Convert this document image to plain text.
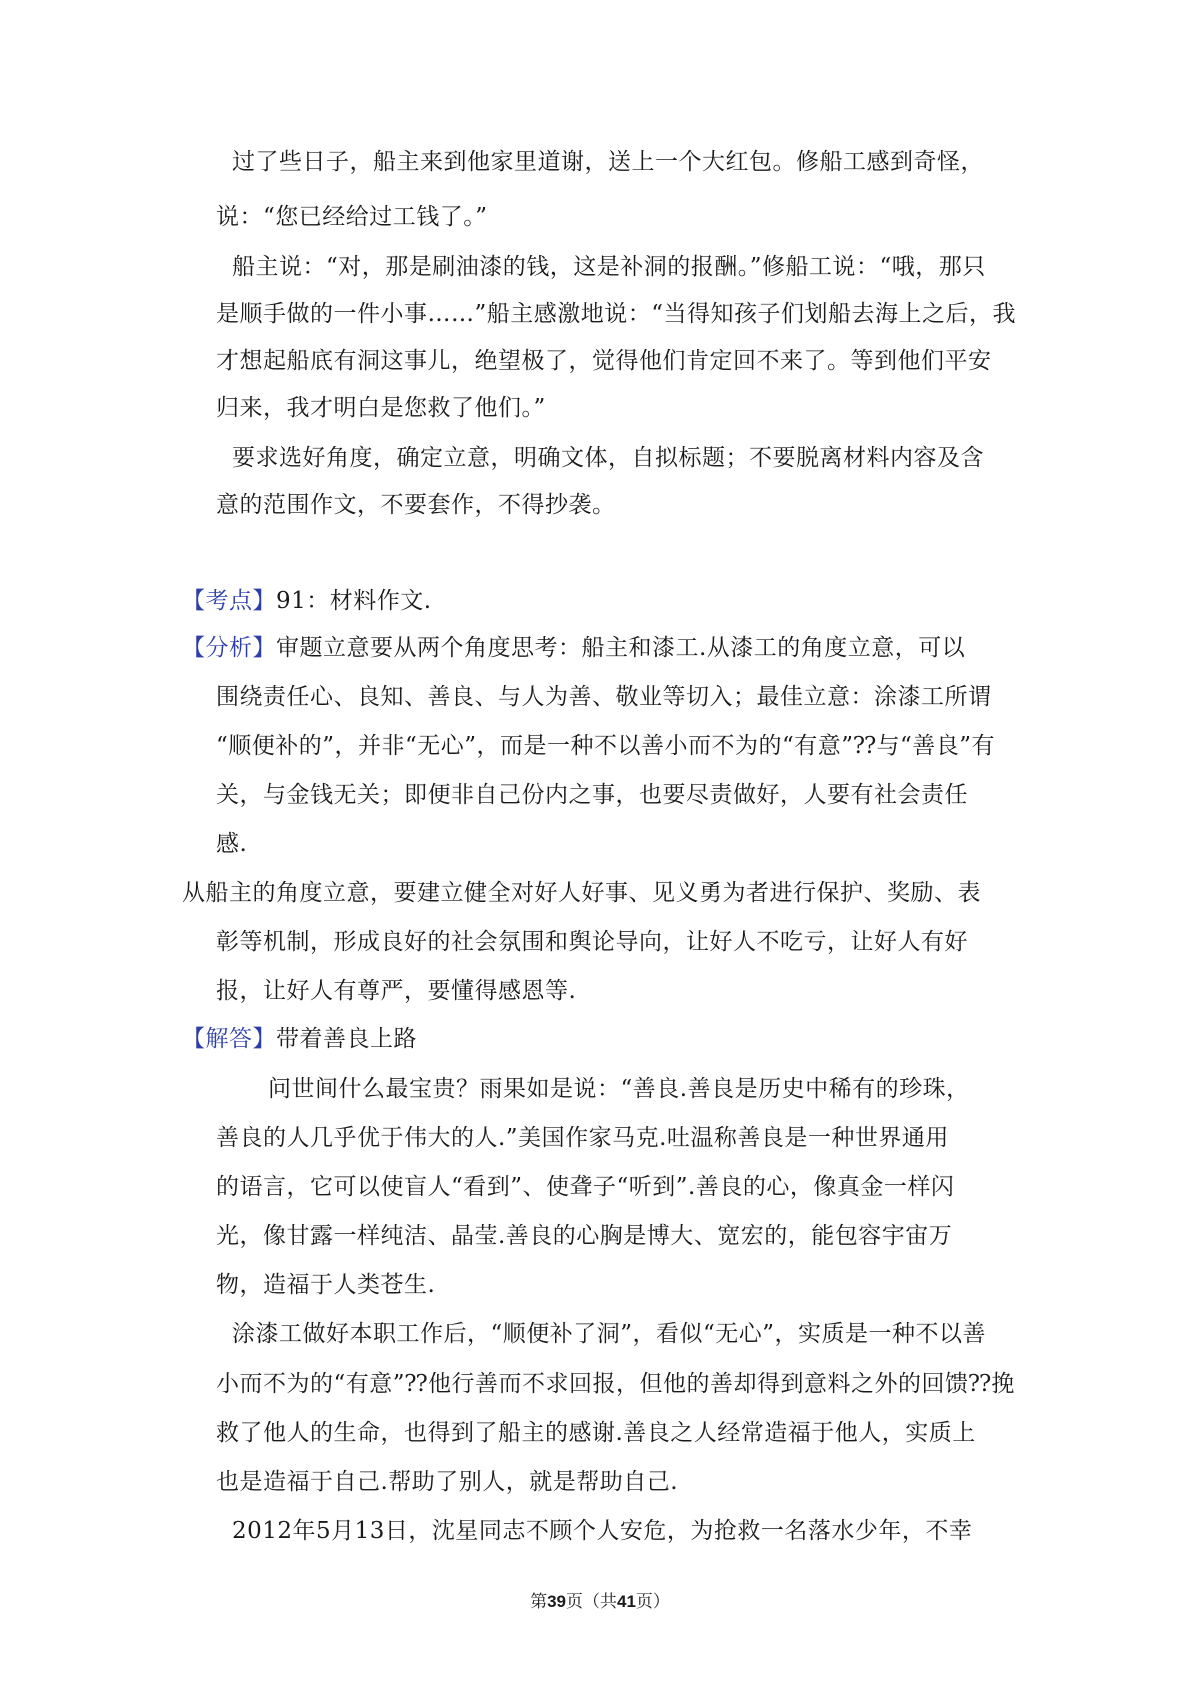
过了些日子，船主来到他家里道谢，送上一个大红包。修船工感到奇怪，
说：“您已经给过工钱了。”
船主说：“对，那是刷油漆的钱，这是补洞的报酬。”修船工说：“哦，那只
是顺手做的一件小事……”船主感激地说：“当得知孩子们划船去海上之后，我
才想起船底有洞这事儿，绝望极了，觉得他们肯定回不来了。等到他们平安
归来，我才明白是您救了他们。”
要求选好角度，确定立意，明确文体，自拟标题；不要脱离材料内容及含
意的范围作文，不要套作，不得抄袭。
【考点】91：材料作文.
【分析】审题立意要从两个角度思考：船主和漆工.从漆工的角度立意，可以
围绕责任心、良知、善良、与人为善、敬业等切入；最佳立意：涂漆工所谓
“顺便补的”，并非“无心”，而是一种不以善小而不为的“有意”⁇与“善良”有
关，与金钱无关；即便非自己份内之事，也要尽责做好，人要有社会责任
感.
从船主的角度立意，要建立健全对好人好事、见义勇为者进行保护、奖励、表
彰等机制，形成良好的社会氛围和舆论导向，让好人不吃亏，让好人有好
报，让好人有尊严，要懂得感恩等.
【解答】带着善良上路
问世间什么最宝贵？雨果如是说：“善良.善良是历史中稀有的珍珠，
善良的人几乎优于伟大的人.”美国作家马克.吐温称善良是一种世界通用
的语言，它可以使盲人“看到”、使聋子“听到”.善良的心，像真金一样闪
光，像甘露一样纯洁、晶莹.善良的心胸是博大、宽宏的，能包容宇宙万
物，造福于人类苍生.
涂漆工做好本职工作后，“顺便补了洞”，看似“无心”，实质是一种不以善
小而不为的“有意”⁇他行善而不求回报，但他的善却得到意料之外的回馈⁇挽
救了他人的生命，也得到了船主的感谢.善良之人经常造福于他人，实质上
也是造福于自己.帮助了别人，就是帮助自己.
2012年5月13日，沈星同志不顾个人安危，为抢救一名落水少年，不幸
第39页（共41页）
